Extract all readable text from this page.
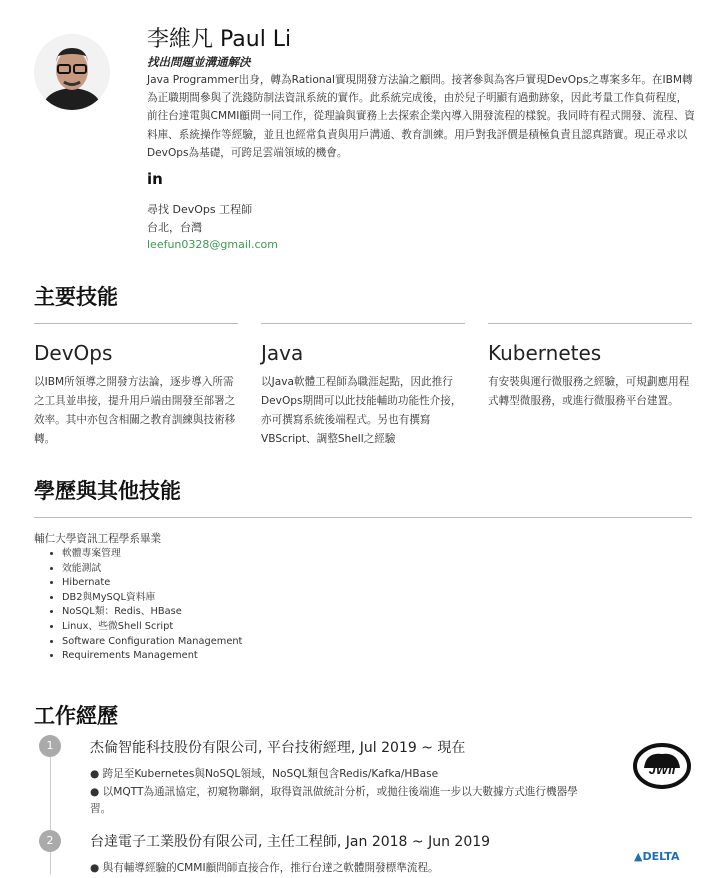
李維凡 Paul Li
找出問題並溝通解決
Java Programmer出身，轉為Rational實現開發方法論之顧問。接著參與為客戶實現DevOps之專案多年。在IBM轉為正職期間參與了洗錢防制法資訊系統的實作。此系統完成後，由於兒子明顯有過動跡象，因此考量工作負荷程度，前往台達電與CMMI顧問一同工作，從理論與實務上去探索企業內導入開發流程的樣貌。我同時有程式開發、流程、資料庫、系統操作等經驗，並且也經常負責與用戶溝通、教育訓練。用戶對我評價是積極負責且認真踏實。現正尋求以DevOps為基礎，可跨足雲端領域的機會。
in
尋找 DevOps 工程師
台北，台灣
leefun0328@gmail.com
主要技能
DevOps

以IBM所領導之開發方法論，逐步導入所需之工具並串接，提升用戶端由開發至部署之效率。其中亦包含相關之教育訓練與技術移轉。

Java

以Java軟體工程師為職涯起點，因此推行DevOps期間可以此技能輔助功能性介接，亦可撰寫系統後端程式。另也有撰寫VBScript、調整Shell之經驗

Kubernetes

有安裝與運行微服務之經驗，可規劃應用程式轉型微服務，或進行微服務平台建置。

學歷與其他技能
輔仁大學資訊工程學系畢業
• 軟體專案管理
• 效能測試
• Hibernate
• DB2與MySQL資料庫
• NoSQL類：Redis、HBase
• Linux、些微Shell Script
• Software Configuration Management
• Requirements Management
工作經歷
1
2
杰倫智能科技股份有限公司, 平台技術經理, Jul 2019 ~ 現在

● 跨足至Kubernetes與NoSQL領域，NoSQL類包含Redis/Kafka/HBase

● 以MQTT為通訊協定，初窺物聯網，取得資訊做統計分析，或拋往後端進一步以大數據方式進行機器學習。

台達電子工業股份有限公司, 主任工程師, Jan 2018 ~ Jun 2019

● 與有輔導經驗的CMMI顧問師直接合作，推行台達之軟體開發標準流程。

JWII
▲DELTA
